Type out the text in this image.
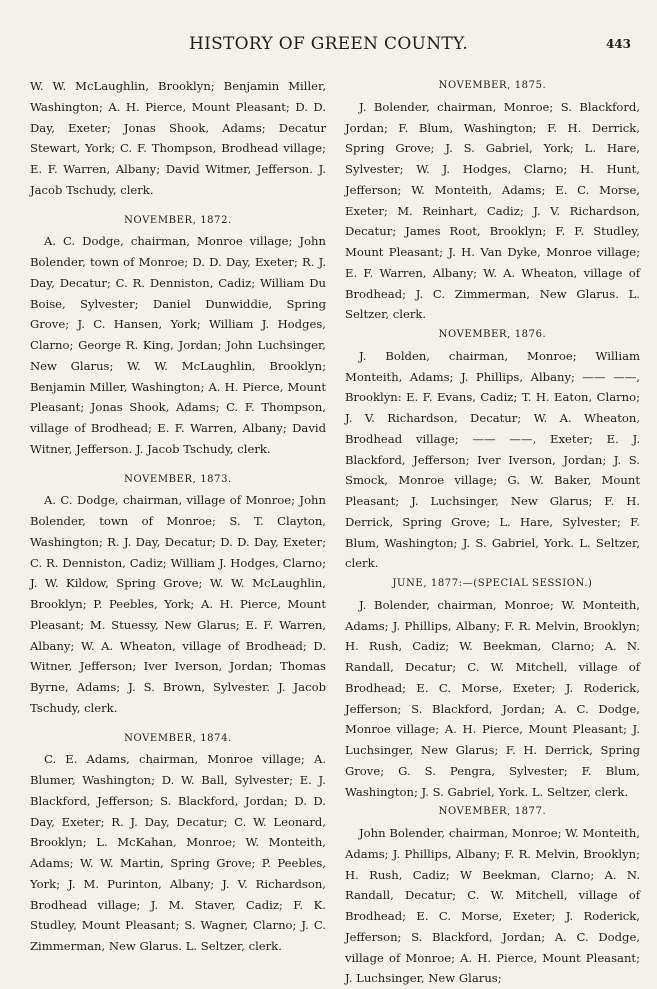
HISTORY OF GREEN COUNTY.	443

W. W. McLaughlin, Brooklyn; Benjamin Miller, Washington; A. H. Pierce, Mount Pleasant; D. D. Day, Exeter; Jonas Shook, Adams; Decatur Stewart, York; C. F. Thompson, Brodhead village; E. F. Warren, Albany; David Witmer, Jefferson. J. Jacob Tschudy, clerk.

NOVEMBER, 1872.

A. C. Dodge, chairman, Monroe village; John Bolender, town of Monroe; D. D. Day, Exeter; R. J. Day, Decatur; C. R. Denniston, Cadiz; William Du Boise, Sylvester; Daniel Dunwiddie, Spring Grove; J. C. Hansen, York; William J. Hodges, Clarno; George R. King, Jordan; John Luchsinger, New Glarus; W. W. McLaughlin, Brooklyn; Benjamin Miller, Washington; A. H. Pierce, Mount Pleasant; Jonas Shook, Adams; C. F. Thompson, village of Brodhead; E. F. Warren, Albany; David Witner, Jefferson. J. Jacob Tschudy, clerk.

NOVEMBER, 1873.

A. C. Dodge, chairman, village of Monroe; John Bolender, town of Monroe; S. T. Clayton, Washington; R. J. Day, Decatur; D. D. Day, Exeter; C. R. Denniston, Cadiz; William J. Hodges, Clarno; J. W. Kildow, Spring Grove; W. W. McLaughlin, Brooklyn; P. Peebles, York; A. H. Pierce, Mount Pleasant; M. Stuessy, New Glarus; E. F. Warren, Albany; W. A. Wheaton, village of Brodhead; D. Witner, Jefferson; Iver Iverson, Jordan; Thomas Byrne, Adams; J. S. Brown, Sylvester. J. Jacob Tschudy, clerk.

NOVEMBER, 1874.

C. E. Adams, chairman, Monroe village; A. Blumer, Washington; D. W. Ball, Sylvester; E. J. Blackford, Jefferson; S. Blackford, Jordan; D. D. Day, Exeter; R. J. Day, Decatur; C. W. Leonard, Brooklyn; L. McKahan, Monroe; W. Monteith, Adams; W. W. Martin, Spring Grove; P. Peebles, York; J. M. Purinton, Albany; J. V. Richardson, Brodhead village; J. M. Staver, Cadiz; F. K. Studley, Mount Pleasant; S. Wagner, Clarno; J. C. Zimmerman, New Glarus. L. Seltzer, clerk.

NOVEMBER, 1875.

J. Bolender, chairman, Monroe; S. Blackford, Jordan; F. Blum, Washington; F. H. Derrick, Spring Grove; J. S. Gabriel, York; L. Hare, Sylvester; W. J. Hodges, Clarno; H. Hunt, Jefferson; W. Monteith, Adams; E. C. Morse, Exeter; M. Reinhart, Cadiz; J. V. Richardson, Decatur; James Root, Brooklyn; F. F. Studley, Mount Pleasant; J. H. Van Dyke, Monroe village; E. F. Warren, Albany; W. A. Wheaton, village of Brodhead; J. C. Zimmerman, New Glarus. L. Seltzer, clerk.

NOVEMBER, 1876.

J. Bolden, chairman, Monroe; William Monteith, Adams; J. Phillips, Albany; —— ——, Brooklyn: E. F. Evans, Cadiz; T. H. Eaton, Clarno; J. V. Richardson, Decatur; W. A. Wheaton, Brodhead village; —— ——, Exeter; E. J. Blackford, Jefferson; Iver Iverson, Jordan; J. S. Smock, Monroe village; G. W. Baker, Mount Pleasant; J. Luchsinger, New Glarus; F. H. Derrick, Spring Grove; L. Hare, Sylvester; F. Blum, Washington; J. S. Gabriel, York. L. Seltzer, clerk.

JUNE, 1877:—(SPECIAL SESSION.)

J. Bolender, chairman, Monroe; W. Monteith, Adams; J. Phillips, Albany; F. R. Melvin, Brooklyn; H. Rush, Cadiz; W. Beekman, Clarno; A. N. Randall, Decatur; C. W. Mitchell, village of Brodhead; E. C. Morse, Exeter; J. Roderick, Jefferson; S. Blackford, Jordan; A. C. Dodge, Monroe village; A. H. Pierce, Mount Pleasant; J. Luchsinger, New Glarus; F. H. Derrick, Spring Grove; G. S. Pengra, Sylvester; F. Blum, Washington; J. S. Gabriel, York. L. Seltzer, clerk.

NOVEMBER, 1877.

John Bolender, chairman, Monroe; W. Monteith, Adams; J. Phillips, Albany; F. R. Melvin, Brooklyn; H. Rush, Cadiz; W Beekman, Clarno; A. N. Randall, Decatur; C. W. Mitchell, village of Brodhead; E. C. Morse, Exeter; J. Roderick, Jefferson; S. Blackford, Jordan; A. C. Dodge, village of Monroe; A. H. Pierce, Mount Pleasant; J. Luchsinger, New Glarus;
